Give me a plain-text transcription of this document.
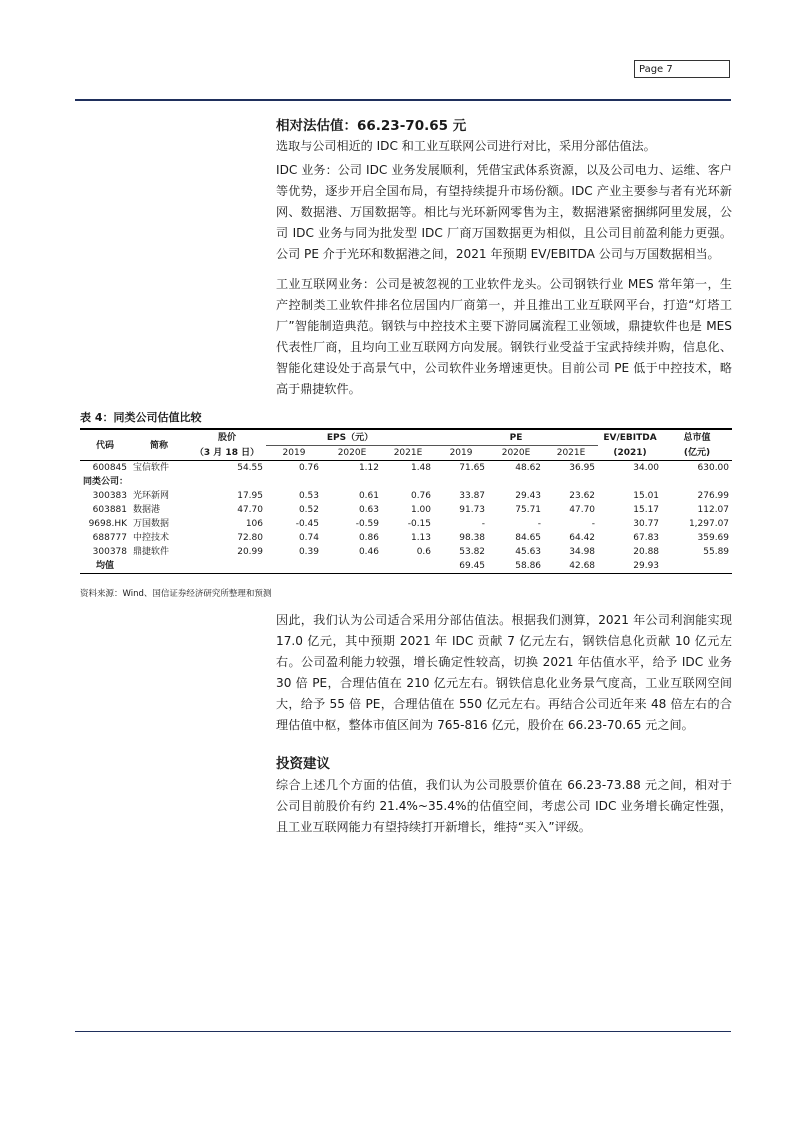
Page 7
相对法估值：66.23-70.65 元

选取与公司相近的 IDC 和工业互联网公司进行对比，采用分部估值法。

IDC 业务：公司 IDC 业务发展顺利，凭借宝武体系资源，以及公司电力、运维、客户等优势，逐步开启全国布局，有望持续提升市场份额。IDC 产业主要参与者有光环新网、数据港、万国数据等。相比与光环新网零售为主，数据港紧密捆绑阿里发展，公司 IDC 业务与同为批发型 IDC 厂商万国数据更为相似，且公司目前盈利能力更强。公司 PE 介于光环和数据港之间，2021 年预期 EV/EBITDA 公司与万国数据相当。

工业互联网业务：公司是被忽视的工业软件龙头。公司钢铁行业 MES 常年第一，生产控制类工业软件排名位居国内厂商第一，并且推出工业互联网平台，打造“灯塔工厂”智能制造典范。钢铁与中控技术主要下游同属流程工业领域，鼎捷软件也是 MES 代表性厂商，且均向工业互联网方向发展。钢铁行业受益于宝武持续并购，信息化、智能化建设处于高景气中，公司软件业务增速更快。目前公司 PE 低于中控技术，略高于鼎捷软件。

表 4：同类公司估值比较
代码	简称	股价	EPS（元）			PE			EV/EBITDA	总市值
		（3 月 18 日）	2019	2020E	2021E	2019	2020E	2021E	(2021)	(亿元)
600845	宝信软件	54.55	0.76	1.12	1.48	71.65	48.62	36.95	34.00	630.00
同类公司：										
300383	光环新网	17.95	0.53	0.61	0.76	33.87	29.43	23.62	15.01	276.99
603881	数据港	47.70	0.52	0.63	1.00	91.73	75.71	47.70	15.17	112.07
9698.HK	万国数据	106	-0.45	-0.59	-0.15	-	-	-	30.77	1,297.07
688777	中控技术	72.80	0.74	0.86	1.13	98.38	84.65	64.42	67.83	359.69
300378	鼎捷软件	20.99	0.39	0.46	0.6	53.82	45.63	34.98	20.88	55.89
均值						69.45	58.86	42.68	29.93	
资料来源：Wind、国信证券经济研究所整理和预测

因此，我们认为公司适合采用分部估值法。根据我们测算，2021 年公司利润能实现 17.0 亿元，其中预期 2021 年 IDC 贡献 7 亿元左右，钢铁信息化贡献 10 亿元左右。公司盈利能力较强，增长确定性较高，切换 2021 年估值水平，给予 IDC 业务 30 倍 PE，合理估值在 210 亿元左右。钢铁信息化业务景气度高，工业互联网空间大，给予 55 倍 PE，合理估值在 550 亿元左右。再结合公司近年来 48 倍左右的合理估值中枢，整体市值区间为 765-816 亿元，股价在 66.23-70.65 元之间。

投资建议

综合上述几个方面的估值，我们认为公司股票价值在 66.23-73.88 元之间，相对于公司目前股价有约 21.4%~35.4%的估值空间，考虑公司 IDC 业务增长确定性强，且工业互联网能力有望持续打开新增长，维持“买入”评级。
